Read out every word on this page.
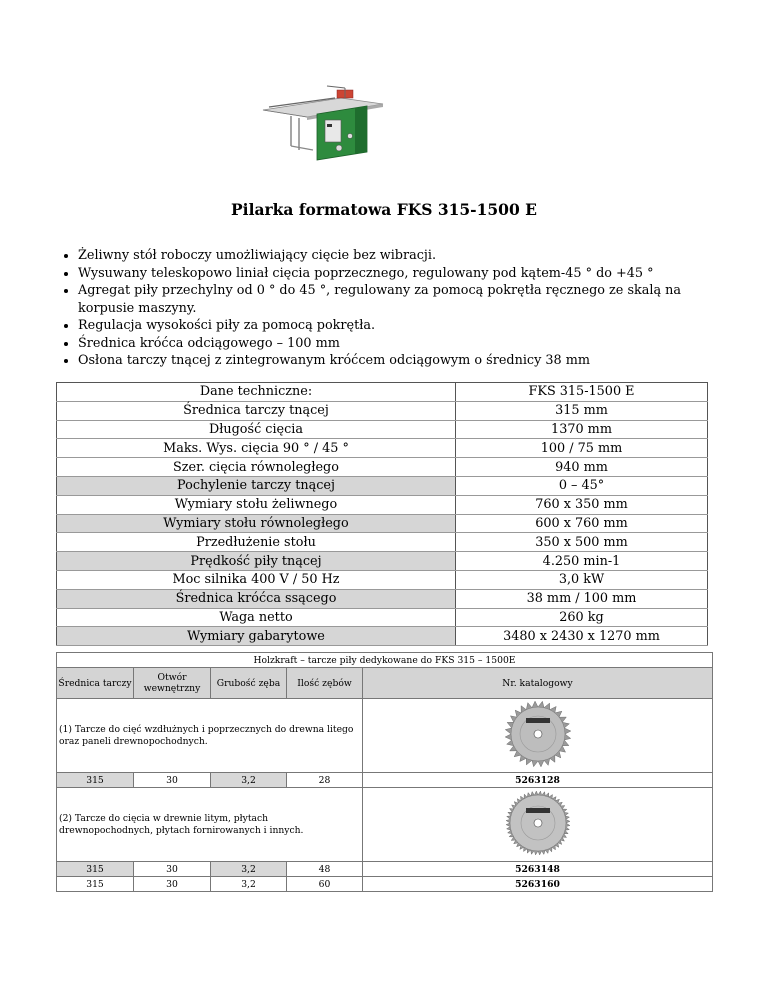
Pilarka formatowa FKS 315-1500 E
• Żeliwny stół roboczy umożliwiający cięcie bez wibracji.
• Wysuwany teleskopowo liniał cięcia poprzecznego, regulowany pod kątem-45 ° do +45 °
• Agregat piły przechylny od 0 ° do 45 °, regulowany za pomocą pokrętła ręcznego ze skalą na korpusie maszyny.
• Regulacja wysokości piły za pomocą pokrętła.
• Średnica króćca odciągowego – 100 mm
• Osłona tarczy tnącej z zintegrowanym króćcem odciągowym o średnicy 38 mm
Dane techniczne:	FKS 315-1500 E
Średnica tarczy tnącej	315 mm
Długość cięcia	1370 mm
Maks. Wys. cięcia 90 ° / 45 °	100 / 75 mm
Szer. cięcia równoległego	940 mm
Pochylenie tarczy tnącej	0 – 45°
Wymiary stołu żeliwnego	760 x 350 mm
Wymiary stołu równoległego	600 x 760 mm
Przedłużenie stołu	350 x 500 mm
Prędkość piły tnącej	4.250 min-1
Moc silnika 400 V / 50 Hz	3,0 kW
Średnica króćca ssącego	38 mm / 100 mm
Waga netto	260 kg
Wymiary gabarytowe	3480 x 2430 x 1270 mm
Holzkraft – tarcze piły dedykowane do FKS 315 – 1500E				
Średnica tarczy	Otwór wewnętrzny	Grubość zęba	Ilość zębów	Nr. katalogowy
(1) Tarcze do cięć wzdłużnych i poprzecznych do drewna litego oraz paneli drewnopochodnych.	
315	30	3,2	28	5263128
(2) Tarcze do cięcia w drewnie litym, płytach drewnopochodnych, płytach fornirowanych i innych.	
315	30	3,2	48	5263148
315	30	3,2	60	5263160
